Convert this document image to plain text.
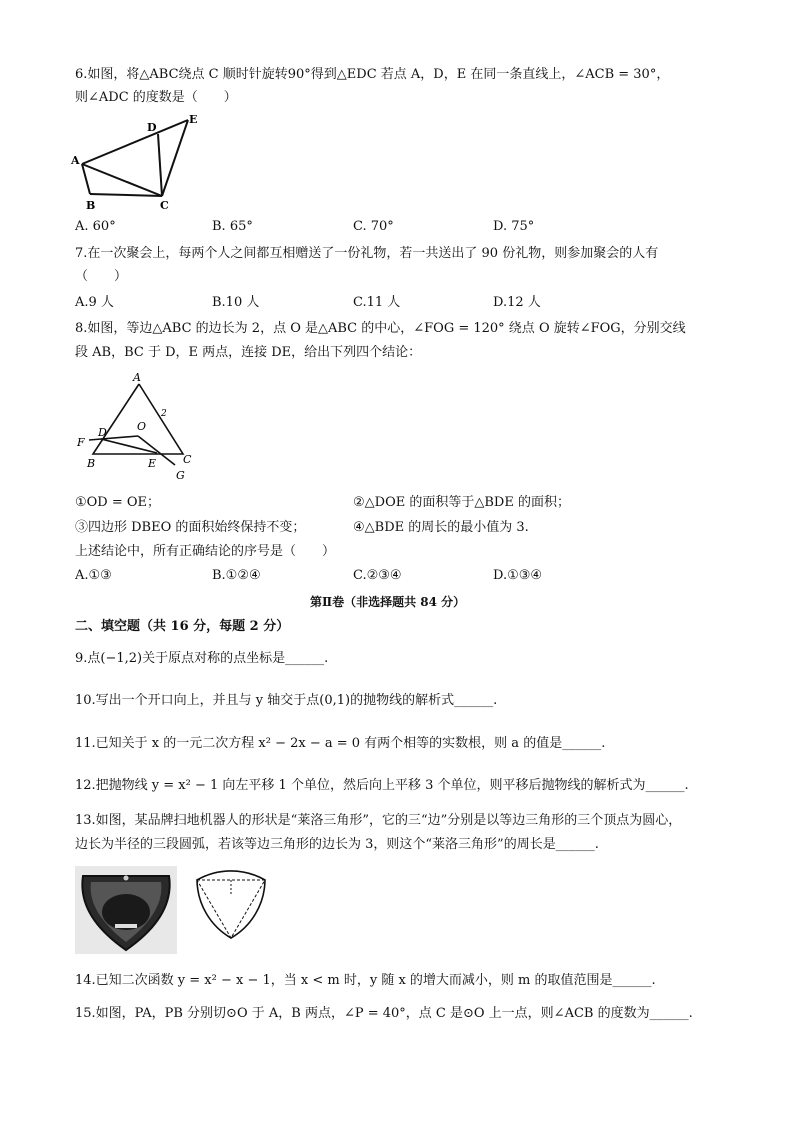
6.如图，将△ABC绕点 C 顺时针旋转90°得到△EDC 若点 A，D，E 在同一条直线上，∠ACB = 30°，
则∠ADC 的度数是（　　）
A
B	C
D
E
A. 60°	B. 65°	C. 70°	D. 75°
7.在一次聚会上，每两个人之间都互相赠送了一份礼物，若一共送出了 90 份礼物，则参加聚会的人有
（　　）
A.9 人	B.10 人	C.11 人	D.12 人
8.如图，等边△ABC 的边长为 2，点 O 是△ABC 的中心，∠FOG = 120° 绕点 O 旋转∠FOG，分别交线
段 AB，BC 于 D，E 两点，连接 DE，给出下列四个结论：
A
2
F
D	O
B	E C
G
①OD = OE；	②△DOE 的面积等于△BDE 的面积；
③四边形 DBEO 的面积始终保持不变；	④△BDE 的周长的最小值为 3.
上述结论中，所有正确结论的序号是（　　）
A.①③	B.①②④	C.②③④	D.①③④
第Ⅱ卷（非选择题共 84 分）
二、填空题（共 16 分，每题 2 分）
9.点(−1,2)关于原点对称的点坐标是______.
10.写出一个开口向上，并且与 y 轴交于点(0,1)的抛物线的解析式______.
11.已知关于 x 的一元二次方程 x² − 2x − a = 0 有两个相等的实数根，则 a 的值是______.
12.把抛物线 y = x² − 1 向左平移 1 个单位，然后向上平移 3 个单位，则平移后抛物线的解析式为______.
13.如图，某品牌扫地机器人的形状是“莱洛三角形”，它的三“边”分别是以等边三角形的三个顶点为圆心，
边长为半径的三段圆弧，若该等边三角形的边长为 3，则这个“莱洛三角形”的周长是______.
14.已知二次函数 y = x² − x − 1，当 x < m 时，y 随 x 的增大而减小，则 m 的取值范围是______.
15.如图，PA，PB 分别切⊙O 于 A，B 两点，∠P = 40°，点 C 是⊙O 上一点，则∠ACB 的度数为______.
